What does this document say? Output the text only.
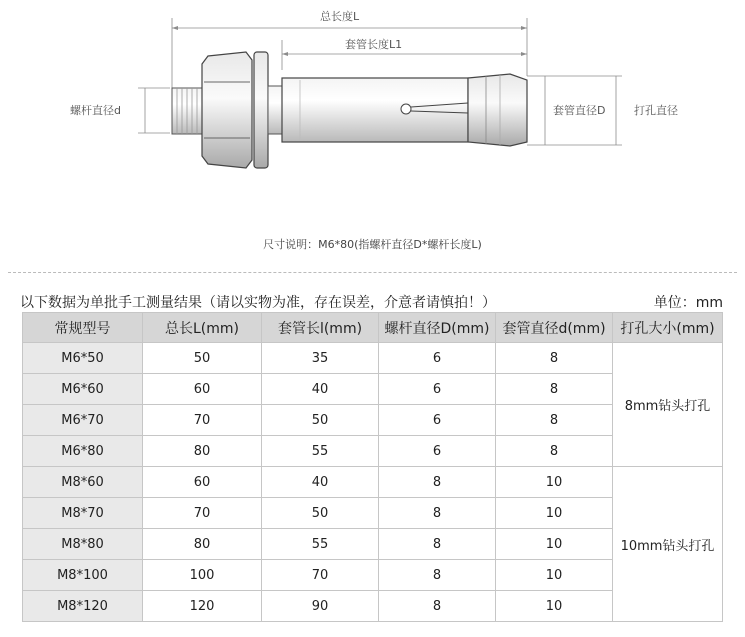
总长度L
套管长度L1
螺杆直径d	套管直径D	打孔直径
尺寸说明：M6*80(指螺杆直径D*螺杆长度L)
以下数据为单批手工测量结果（请以实物为准，存在误差，介意者请慎拍！）	单位：mm
常规型号	总长L(mm)	套管长l(mm)	螺杆直径D(mm)	套管直径d(mm)	打孔大小(mm)
M6*50	50	35	6	8	8mm钻头打孔
M6*60	60	40	6	8	
M6*70	70	50	6	8	
M6*80	80	55	6	8	
M8*60	60	40	8	10	10mm钻头打孔
M8*70	70	50	8	10	
M8*80	80	55	8	10	
M8*100	100	70	8	10	
M8*120	120	90	8	10	
